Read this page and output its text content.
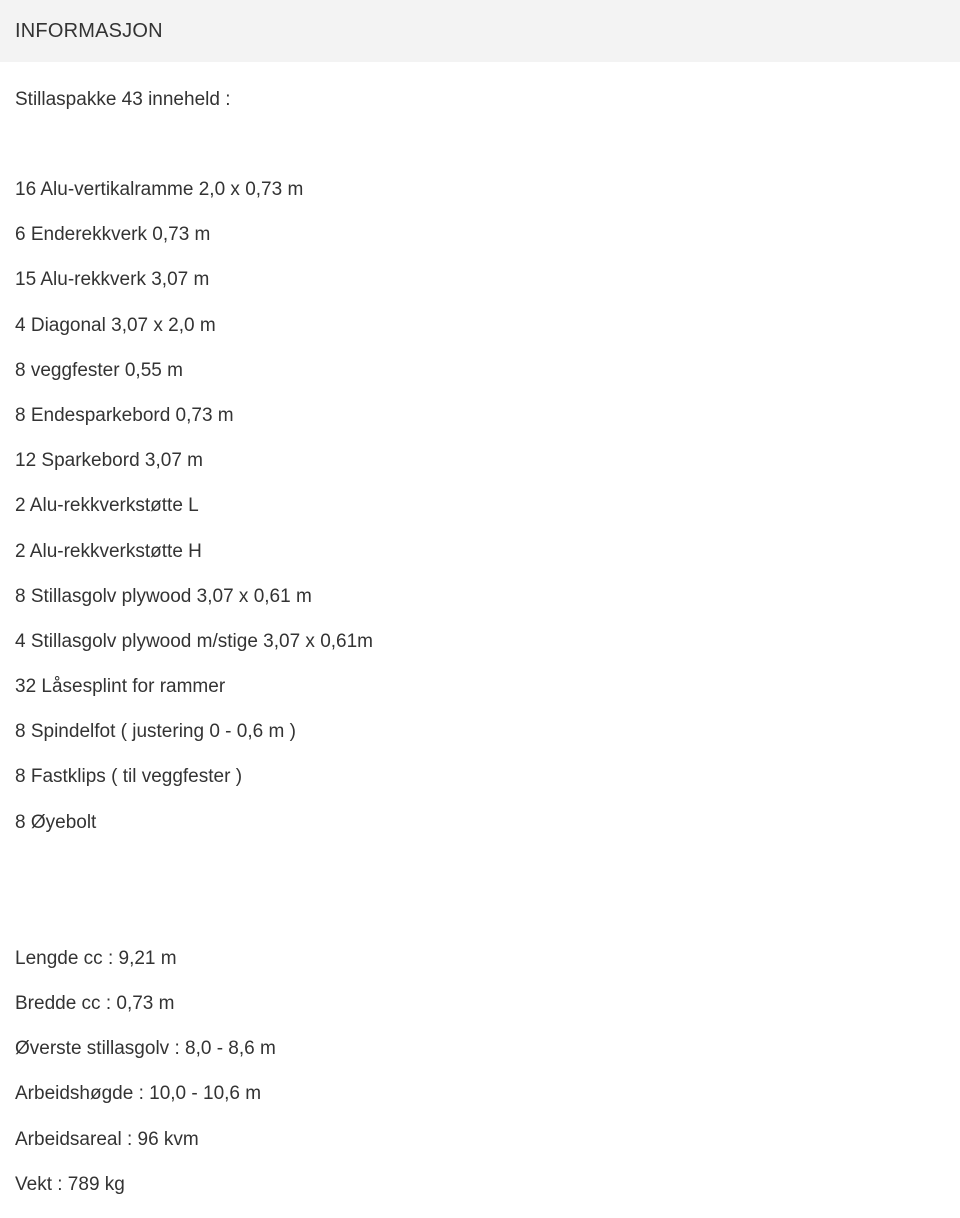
INFORMASJON

Stillaspakke 43 inneheld :

16 Alu-vertikalramme 2,0 x 0,73 m
6 Enderekkverk 0,73 m
15 Alu-rekkverk 3,07 m
4 Diagonal 3,07 x 2,0 m
8 veggfester 0,55 m
8 Endesparkebord 0,73 m
12 Sparkebord 3,07 m
2 Alu-rekkverkstøtte L
2 Alu-rekkverkstøtte H
8 Stillasgolv plywood 3,07 x 0,61 m
4 Stillasgolv plywood m/stige 3,07 x 0,61m
32 Låsesplint for rammer
8 Spindelfot ( justering 0 - 0,6 m )
8 Fastklips ( til veggfester )
8 Øyebolt
Lengde cc : 9,21 m
Bredde cc : 0,73 m
Øverste stillasgolv : 8,0 - 8,6 m
Arbeidshøgde : 10,0 - 10,6 m
Arbeidsareal : 96 kvm
Vekt : 789 kg
